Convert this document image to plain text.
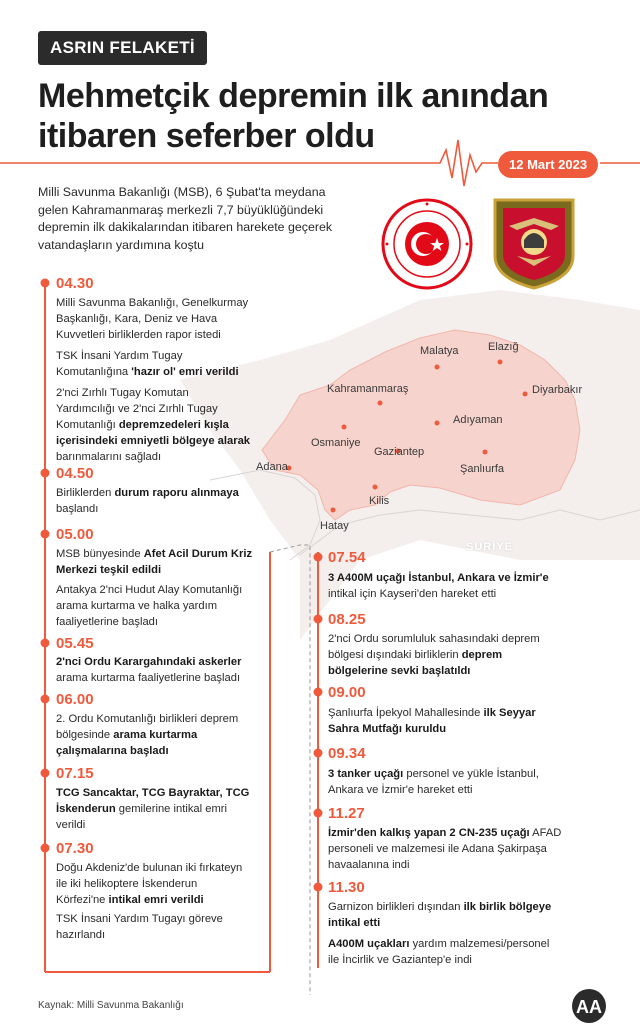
ASRIN FELAKETİ
Mehmetçik depremin ilk anından
itibaren seferber oldu
12 Mart 2023
Milli Savunma Bakanlığı (MSB), 6 Şubat'ta meydana gelen Kahramanmaraş merkezli 7,7 büyüklüğündeki depremin ilk dakikalarından itibaren harekete geçerek vatandaşların yardımına koştu
Malatya	Elazığ
Kahramanmaraş	Diyarbakır
Adıyaman
Osmaniye
Gaziantep
Adana	Şanlıurfa
Kilis
Hatay
SURİYE
04.30
Milli Savunma Bakanlığı, Genelkurmay
Başkanlığı, Kara, Deniz ve Hava
Kuvvetleri birliklerden rapor istedi
TSK İnsani Yardım Tugay
Komutanlığına 'hazır ol' emri verildi
2'nci Zırhlı Tugay Komutan
Yardımcılığı ve 2'nci Zırhlı Tugay
Komutanlığı depremzedeleri kışla
içerisindeki emniyetli bölgeye alarak
barınmalarını sağladı
04.50
Birliklerden durum raporu alınmaya
başlandı
05.00
MSB bünyesinde Afet Acil Durum Kriz
Merkezi teşkil edildi
Antakya 2'nci Hudut Alay Komutanlığı
arama kurtarma ve halka yardım
faaliyetlerine başladı
05.45
2'nci Ordu Karargahındaki askerler
arama kurtarma faaliyetlerine başladı
06.00
2. Ordu Komutanlığı birlikleri deprem
bölgesinde arama kurtarma
çalışmalarına başladı
07.15
TCG Sancaktar, TCG Bayraktar, TCG
İskenderun gemilerine intikal emri
verildi
07.30
Doğu Akdeniz'de bulunan iki fırkateyn
ile iki helikoptere İskenderun
Körfezi'ne intikal emri verildi
TSK İnsani Yardım Tugayı göreve
hazırlandı
07.54
3 A400M uçağı İstanbul, Ankara ve İzmir'e
intikal için Kayseri'den hareket etti
08.25
2'nci Ordu sorumluluk sahasındaki deprem
bölgesi dışındaki birliklerin deprem
bölgelerine sevki başlatıldı
09.00
Şanlıurfa İpekyol Mahallesinde ilk Seyyar
Sahra Mutfağı kuruldu
09.34
3 tanker uçağı personel ve yükle İstanbul,
Ankara ve İzmir'e hareket etti
11.27
İzmir'den kalkış yapan 2 CN-235 uçağı AFAD
personeli ve malzemesi ile Adana Şakirpaşa
havaalanına indi
11.30
Garnizon birlikleri dışından ilk birlik bölgeye
intikal etti
A400M uçakları yardım malzemesi/personel
ile İncirlik ve Gaziantep'e indi
Kaynak: Milli Savunma Bakanlığı	AA
